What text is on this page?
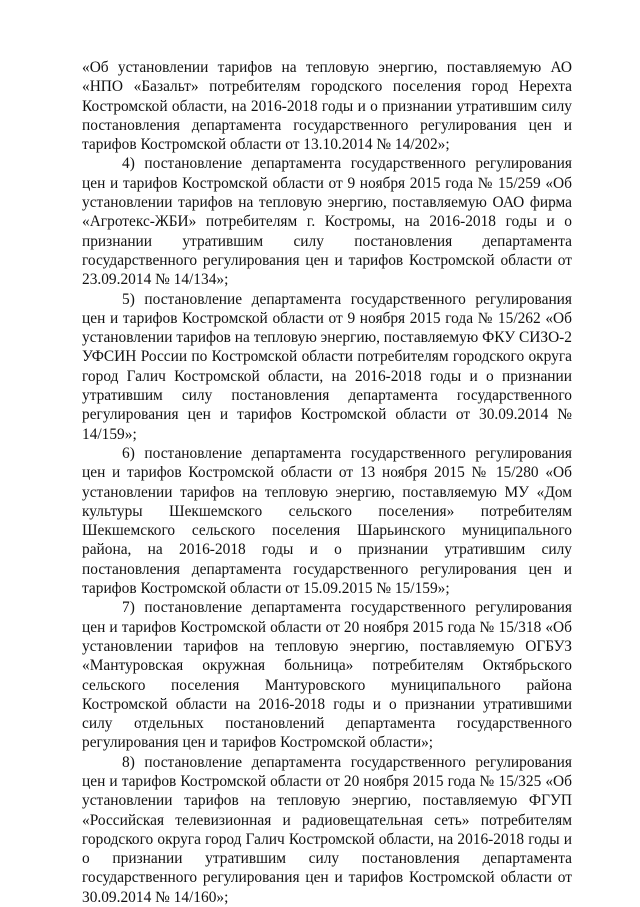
«Об установлении тарифов на тепловую энергию, поставляемую АО «НПО «Базальт» потребителям городского поселения город Нерехта Костромской области, на 2016-2018 годы и о признании утратившим силу постановления департамента государственного регулирования цен и тарифов Костромской области от 13.10.2014 № 14/202»;

4) постановление департамента государственного регулирования цен и тарифов Костромской области от 9 ноября 2015 года № 15/259 «Об установлении тарифов на тепловую энергию, поставляемую ОАО фирма «Агротекс-ЖБИ» потребителям г. Костромы, на 2016-2018 годы и о признании утратившим силу постановления департамента государственного регулирования цен и тарифов Костромской области от 23.09.2014 № 14/134»;

5) постановление департамента государственного регулирования цен и тарифов Костромской области от 9 ноября 2015 года № 15/262 «Об установлении тарифов на тепловую энергию, поставляемую ФКУ СИЗО-2 УФСИН России по Костромской области потребителям городского округа город Галич Костромской области, на 2016-2018 годы и о признании утратившим силу постановления департамента государственного регулирования цен и тарифов Костромской области от 30.09.2014 № 14/159»;

6) постановление департамента государственного регулирования цен и тарифов Костромской области от 13 ноября 2015 № 15/280 «Об установлении тарифов на тепловую энергию, поставляемую МУ «Дом культуры Шекшемского сельского поселения» потребителям Шекшемского сельского поселения Шарьинского муниципального района, на 2016-2018 годы и о признании утратившим силу постановления департамента государственного регулирования цен и тарифов Костромской области от 15.09.2015 № 15/159»;

7) постановление департамента государственного регулирования цен и тарифов Костромской области от 20 ноября 2015 года № 15/318 «Об установлении тарифов на тепловую энергию, поставляемую ОГБУЗ «Мантуровская окружная больница» потребителям Октябрьского сельского поселения Мантуровского муниципального района Костромской области на 2016-2018 годы и о признании утратившими силу отдельных постановлений департамента государственного регулирования цен и тарифов Костромской области»;

8) постановление департамента государственного регулирования цен и тарифов Костромской области от 20 ноября 2015 года № 15/325 «Об установлении тарифов на тепловую энергию, поставляемую ФГУП «Российская телевизионная и радиовещательная сеть» потребителям городского округа город Галич Костромской области, на 2016-2018 годы и о признании утратившим силу постановления департамента государственного регулирования цен и тарифов Костромской области от 30.09.2014 № 14/160»;
